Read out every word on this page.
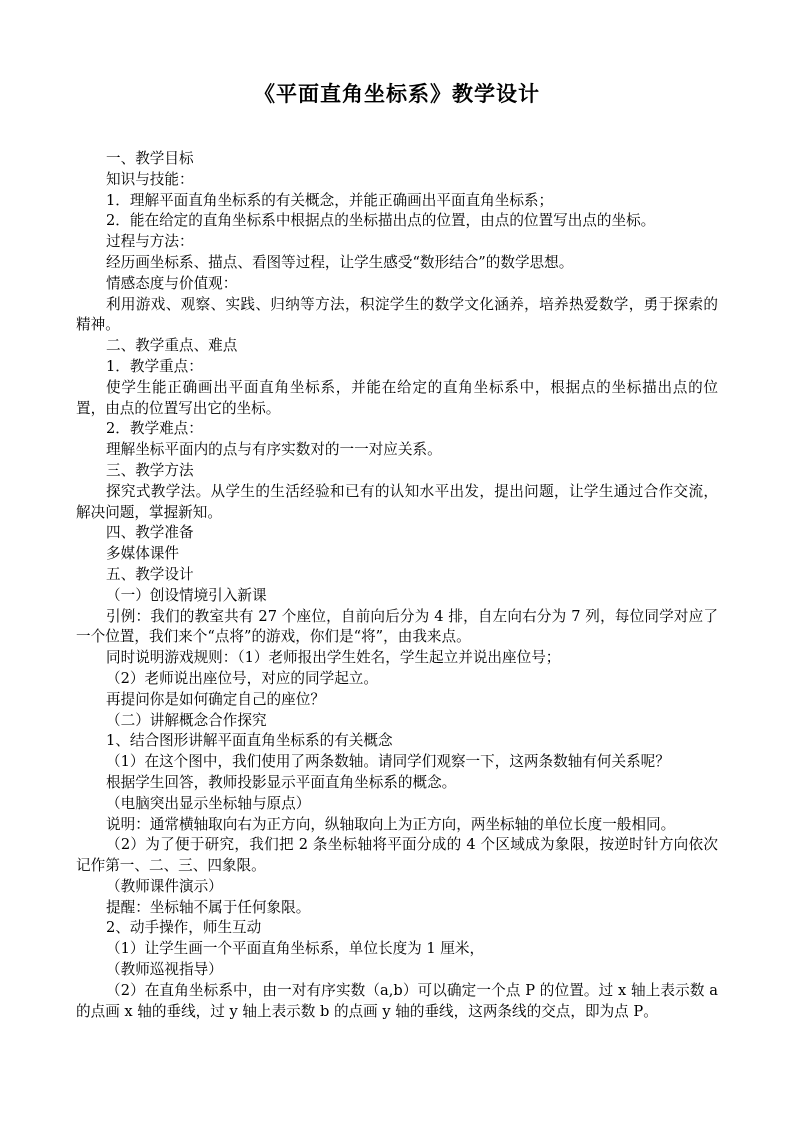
《平面直角坐标系》教学设计

一、教学目标

知识与技能：

1．理解平面直角坐标系的有关概念，并能正确画出平面直角坐标系；

2．能在给定的直角坐标系中根据点的坐标描出点的位置，由点的位置写出点的坐标。

过程与方法：

经历画坐标系、描点、看图等过程，让学生感受“数形结合”的数学思想。

情感态度与价值观：

利用游戏、观察、实践、归纳等方法，积淀学生的数学文化涵养，培养热爱数学，勇于探索的精神。

二、教学重点、难点

1．教学重点：

使学生能正确画出平面直角坐标系，并能在给定的直角坐标系中，根据点的坐标描出点的位置，由点的位置写出它的坐标。

2．教学难点：

理解坐标平面内的点与有序实数对的一一对应关系。

三、教学方法

探究式教学法。从学生的生活经验和已有的认知水平出发，提出问题，让学生通过合作交流，解决问题，掌握新知。

四、教学准备

多媒体课件

五、教学设计

（一）创设情境引入新课

引例：我们的教室共有 27 个座位，自前向后分为 4 排，自左向右分为 7 列，每位同学对应了一个位置，我们来个“点将”的游戏，你们是“将”，由我来点。

同时说明游戏规则：（1）老师报出学生姓名，学生起立并说出座位号；

（2）老师说出座位号，对应的同学起立。

再提问你是如何确定自己的座位？

（二）讲解概念合作探究

1、结合图形讲解平面直角坐标系的有关概念

（1）在这个图中，我们使用了两条数轴。请同学们观察一下，这两条数轴有何关系呢？

根据学生回答，教师投影显示平面直角坐标系的概念。

（电脑突出显示坐标轴与原点）

说明：通常横轴取向右为正方向，纵轴取向上为正方向，两坐标轴的单位长度一般相同。

（2）为了便于研究，我们把 2 条坐标轴将平面分成的 4 个区域成为象限，按逆时针方向依次记作第一、二、三、四象限。

（教师课件演示）

提醒：坐标轴不属于任何象限。

2、动手操作，师生互动

（1）让学生画一个平面直角坐标系，单位长度为 1 厘米，

（教师巡视指导）

（2）在直角坐标系中，由一对有序实数（a,b）可以确定一个点 P 的位置。过 x 轴上表示数 a 的点画 x 轴的垂线，过 y 轴上表示数 b 的点画 y 轴的垂线，这两条线的交点，即为点 P。
